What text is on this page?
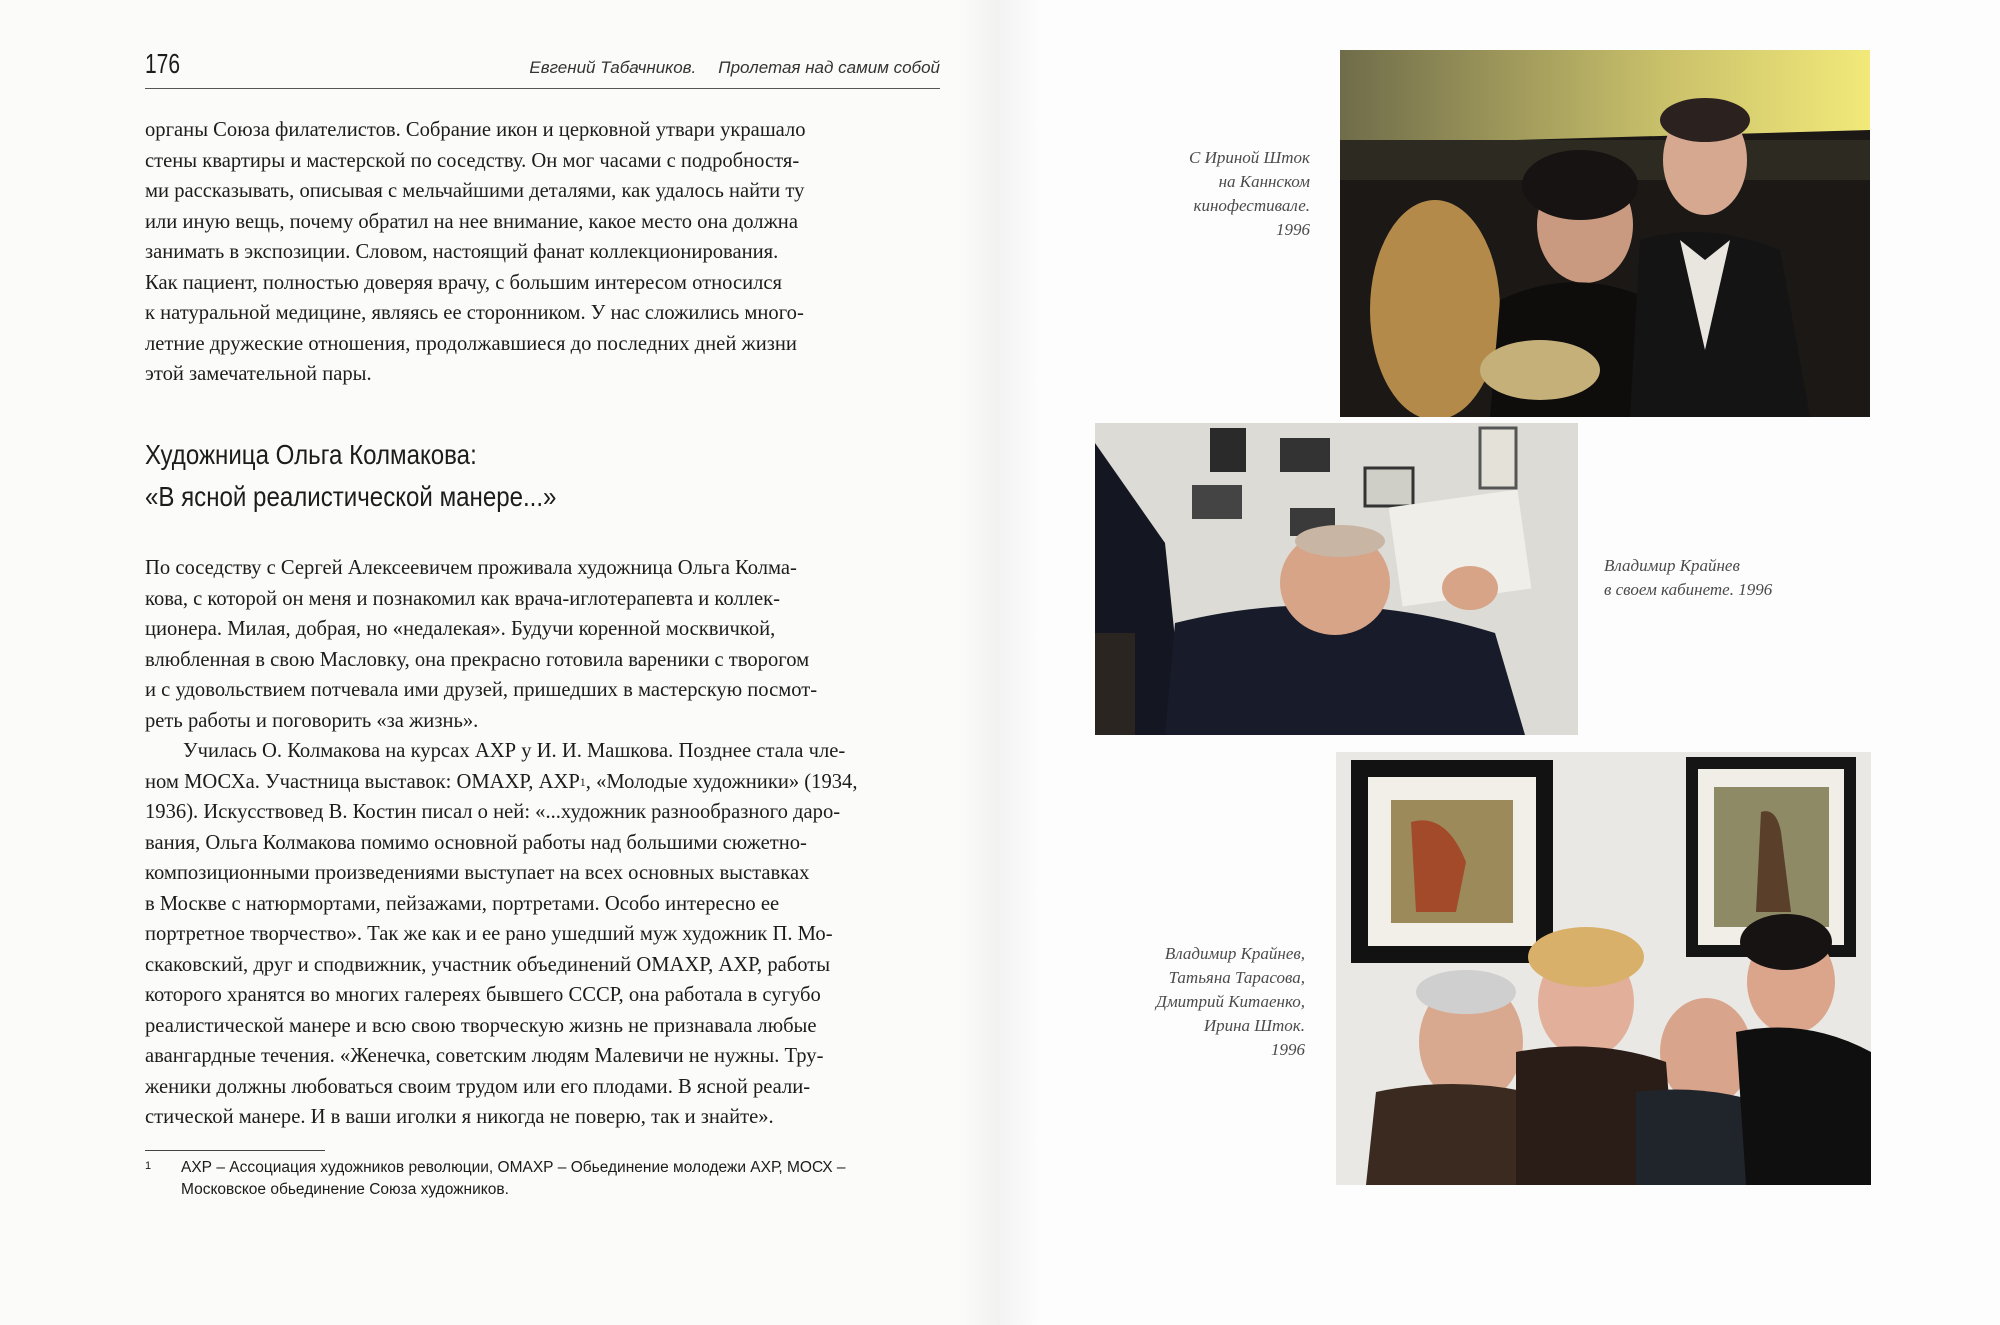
176	Евгений Табачников. Пролетая над самим собой

органы Союза филателистов. Собрание икон и церковной утвари украшало

стены квартиры и мастерской по соседству. Он мог часами с подробностя-

ми рассказывать, описывая с мельчайшими деталями, как удалось найти ту

или иную вещь, почему обратил на нее внимание, какое место она должна

занимать в экспозиции. Словом, настоящий фанат коллекционирования.

Как пациент, полностью доверяя врачу, с большим интересом относился

к натуральной медицине, являясь ее сторонником. У нас сложились много-

летние дружеские отношения, продолжавшиеся до последних дней жизни

этой замечательной пары.

Художница Ольга Колмакова:
«В ясной реалистической манере...»

По соседству с Сергей Алексеевичем проживала художница Ольга Колма-

кова, с которой он меня и познакомил как врача-иглотерапевта и коллек-

ционера. Милая, добрая, но «недалекая». Будучи коренной москвичкой,

влюбленная в свою Масловку, она прекрасно готовила вареники с творогом

и с удовольствием потчевала ими друзей, пришедших в мастерскую посмот-

реть работы и поговорить «за жизнь».

Училась О. Колмакова на курсах АХР у И. И. Машкова. Позднее стала чле-

ном МОСХа. Участница выставок: ОМАХР, АХР$^1$, «Молодые художники» (1934,

1936). Искусствовед В. Костин писал о ней: «...художник разнообразного даро-

вания, Ольга Колмакова помимо основной работы над большими сюжетно-

композиционными произведениями выступает на всех основных выставках

в Москве с натюрмортами, пейзажами, портретами. Особо интересно ее

портретное творчество». Так же как и ее рано ушедший муж художник П. Мо-

скаковский, друг и сподвижник, участник объединений ОМАХР, АХР, работы

которого хранятся во многих галереях бывшего СССР, она работала в сугубо

реалистической манере и всю свою творческую жизнь не признавала любые

авангардные течения. «Женечка, советским людям Малевичи не нужны. Тру-

женики должны любоваться своим трудом или его плодами. В ясной реали-

стической манере. И в ваши иголки я никогда не поверю, так и знайте».

1 АХР – Ассоциация художников революции, ОМАХР – Обьединение молодежи АХР, МОСХ –
Московское обьединение Союза художников.
С Ириной Шток
на Каннском
кинофестивале.
1996
Владимир Крайнев
в своем кабинете. 1996
Владимир Крайнев,
Татьяна Тарасова,
Дмитрий Китаенко,
Ирина Шток.
1996
